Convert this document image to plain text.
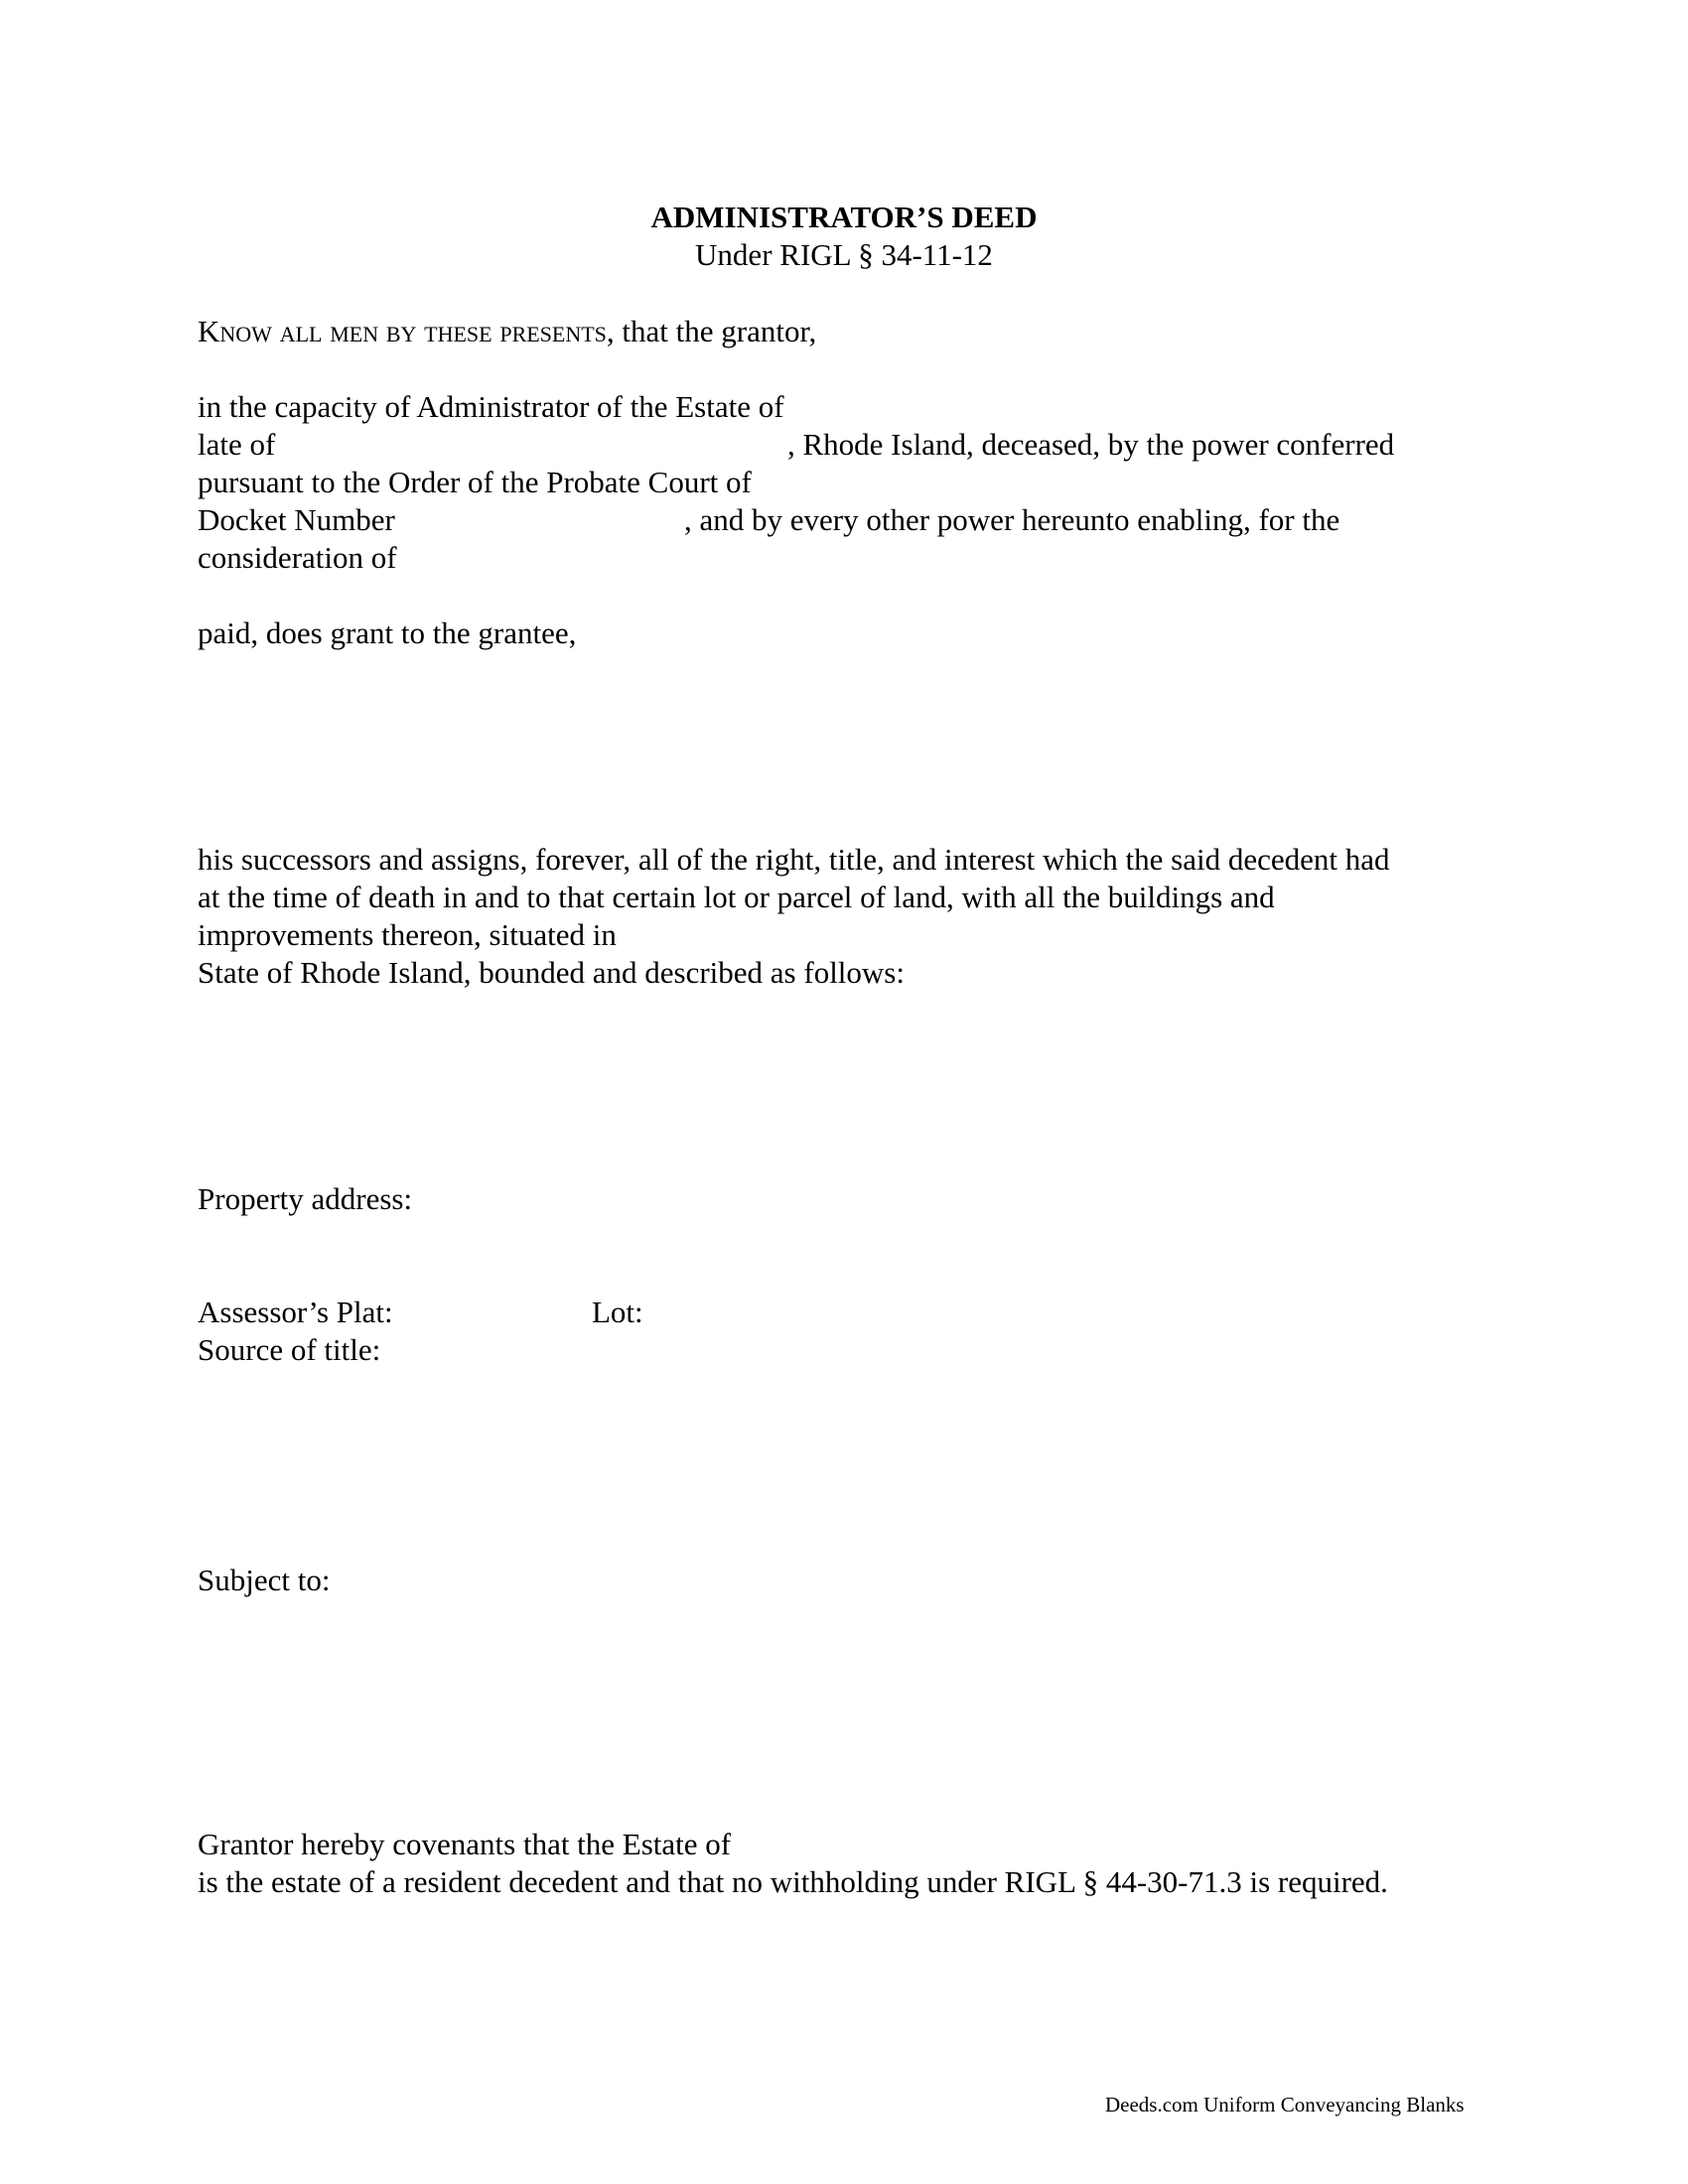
ADMINISTRATOR’S DEED
Under RIGL § 34-11-12
Know all men by these presents, that the grantor,
in the capacity of Administrator of the Estate of
late of	, Rhode Island, deceased, by the power conferred
pursuant to the Order of the Probate Court of
Docket Number	, and by every other power hereunto enabling, for the
consideration of
paid, does grant to the grantee,
his successors and assigns, forever, all of the right, title, and interest which the said decedent had
at the time of death in and to that certain lot or parcel of land, with all the buildings and
improvements thereon, situated in
State of Rhode Island, bounded and described as follows:
Property address:
Assessor’s Plat:	Lot:
Source of title:
Subject to:
Grantor hereby covenants that the Estate of
is the estate of a resident decedent and that no withholding under RIGL § 44-30-71.3 is required.
Deeds.com Uniform Conveyancing Blanks
